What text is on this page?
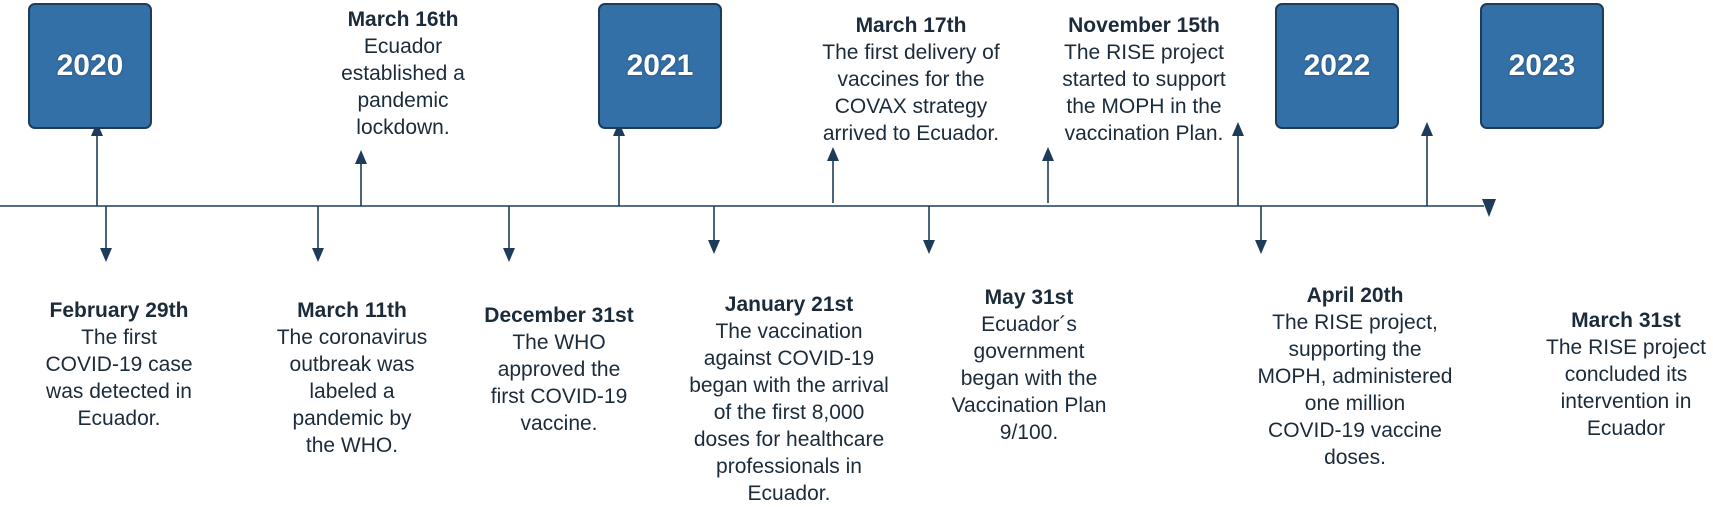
2020	2021	2022	2023
February 29th
The first
COVID-19 case
was detected in
Ecuador.
March 11th
The coronavirus
outbreak was
labeled a
pandemic by
the WHO.
March 16th
Ecuador
established a
pandemic
lockdown.
December 31st
The WHO
approved the
first COVID-19
vaccine.
January 21st
The vaccination
against COVID-19
began with the arrival
of the first 8,000
doses for healthcare
professionals in
Ecuador.
March 17th
The first delivery of
vaccines for the
COVAX strategy
arrived to Ecuador.
May 31st
Ecuador´s
government
began with the
Vaccination Plan
9/100.
November 15th
The RISE project
started to support
the MOPH in the
vaccination Plan.
April 20th
The RISE project,
supporting the
MOPH, administered
one million
COVID-19 vaccine
doses.
March 31st
The RISE project
concluded its
intervention in
Ecuador
